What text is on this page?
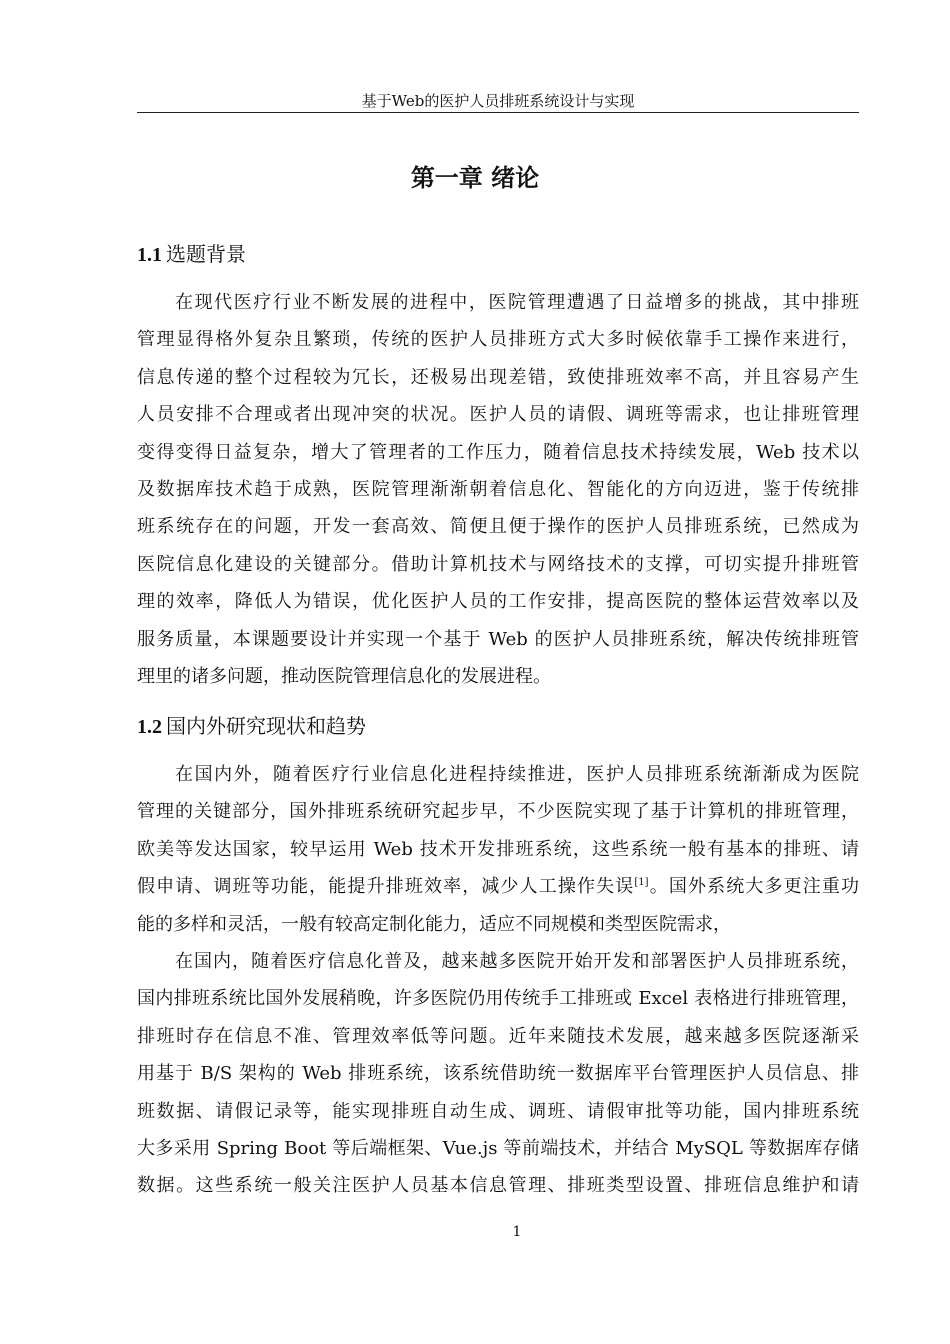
基于Web的医护人员排班系统设计与实现
第一章 绪论
1.1 选题背景
在现代医疗行业不断发展的进程中，医院管理遭遇了日益增多的挑战，其中排班
管理显得格外复杂且繁琐，传统的医护人员排班方式大多时候依靠手工操作来进行，
信息传递的整个过程较为冗长，还极易出现差错，致使排班效率不高，并且容易产生
人员安排不合理或者出现冲突的状况。医护人员的请假、调班等需求，也让排班管理
变得变得日益复杂，增大了管理者的工作压力，随着信息技术持续发展，Web 技术以
及数据库技术趋于成熟，医院管理渐渐朝着信息化、智能化的方向迈进，鉴于传统排
班系统存在的问题，开发一套高效、简便且便于操作的医护人员排班系统，已然成为
医院信息化建设的关键部分。借助计算机技术与网络技术的支撑，可切实提升排班管
理的效率，降低人为错误，优化医护人员的工作安排，提高医院的整体运营效率以及
服务质量，本课题要设计并实现一个基于 Web 的医护人员排班系统，解决传统排班管
理里的诸多问题，推动医院管理信息化的发展进程。
1.2 国内外研究现状和趋势
在国内外，随着医疗行业信息化进程持续推进，医护人员排班系统渐渐成为医院
管理的关键部分，国外排班系统研究起步早，不少医院实现了基于计算机的排班管理，
欧美等发达国家，较早运用 Web 技术开发排班系统，这些系统一般有基本的排班、请
假申请、调班等功能，能提升排班效率，减少人工操作失误[1]。国外系统大多更注重功
能的多样和灵活，一般有较高定制化能力，适应不同规模和类型医院需求，
在国内，随着医疗信息化普及，越来越多医院开始开发和部署医护人员排班系统，
国内排班系统比国外发展稍晚，许多医院仍用传统手工排班或 Excel 表格进行排班管理，
排班时存在信息不准、管理效率低等问题。近年来随技术发展，越来越多医院逐渐采
用基于 B/S 架构的 Web 排班系统，该系统借助统一数据库平台管理医护人员信息、排
班数据、请假记录等，能实现排班自动生成、调班、请假审批等功能，国内排班系统
大多采用 Spring Boot 等后端框架、Vue.js 等前端技术，并结合 MySQL 等数据库存储
数据。这些系统一般关注医护人员基本信息管理、排班类型设置、排班信息维护和请
1
